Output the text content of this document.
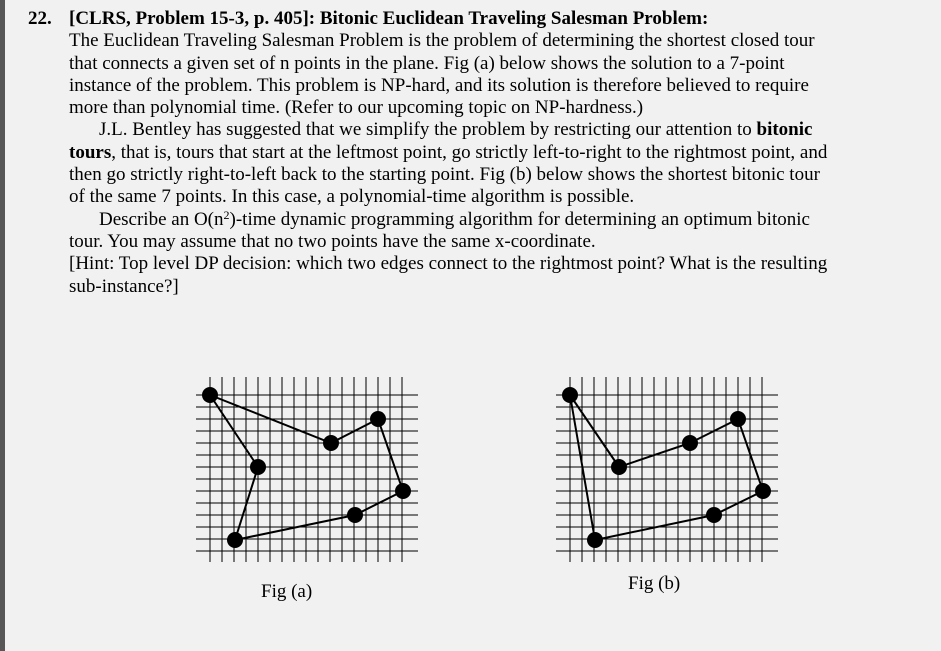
22. [CLRS, Problem 15-3, p. 405]: Bitonic Euclidean Traveling Salesman Problem:
The Euclidean Traveling Salesman Problem is the problem of determining the shortest closed tour
that connects a given set of n points in the plane. Fig (a) below shows the solution to a 7-point
instance of the problem. This problem is NP-hard, and its solution is therefore believed to require
more than polynomial time. (Refer to our upcoming topic on NP-hardness.)
J.L. Bentley has suggested that we simplify the problem by restricting our attention to bitonic
tours, that is, tours that start at the leftmost point, go strictly left-to-right to the rightmost point, and
then go strictly right-to-left back to the starting point. Fig (b) below shows the shortest bitonic tour
of the same 7 points. In this case, a polynomial-time algorithm is possible.
Describe an $O(n^2)$-time dynamic programming algorithm for determining an optimum bitonic
tour. You may assume that no two points have the same x-coordinate.
[Hint: Top level DP decision: which two edges connect to the rightmost point? What is the resulting
sub-instance?]
Fig (a)	Fig (b)
